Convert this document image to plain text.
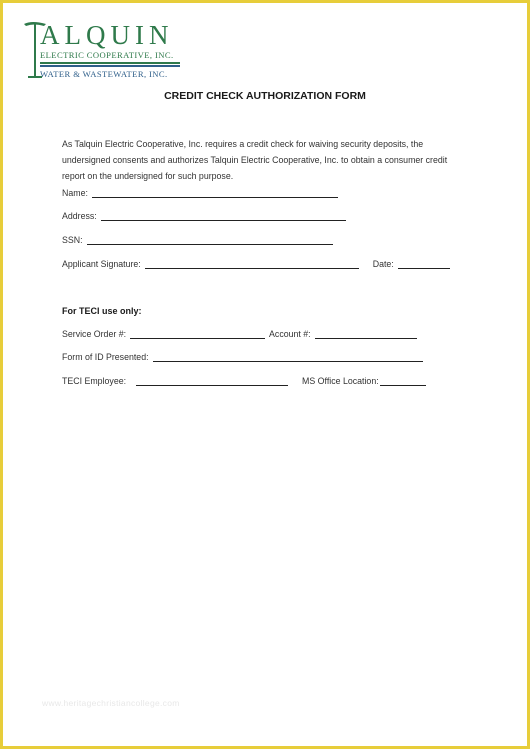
ALQUIN
ELECTRIC COOPERATIVE, INC.
WATER & WASTEWATER, INC.
CREDIT CHECK AUTHORIZATION FORM
As Talquin Electric Cooperative, Inc. requires a credit check for waiving security deposits, the undersigned consents and authorizes Talquin Electric Cooperative, Inc. to obtain a consumer credit report on the undersigned for such purpose.
Name:
Address:
SSN:
Applicant Signature:	Date:
For TECI use only:
Service Order #:	Account #:
Form of ID Presented:
TECI Employee:	MS Office Location:
www.heritagechristiancollege.com
